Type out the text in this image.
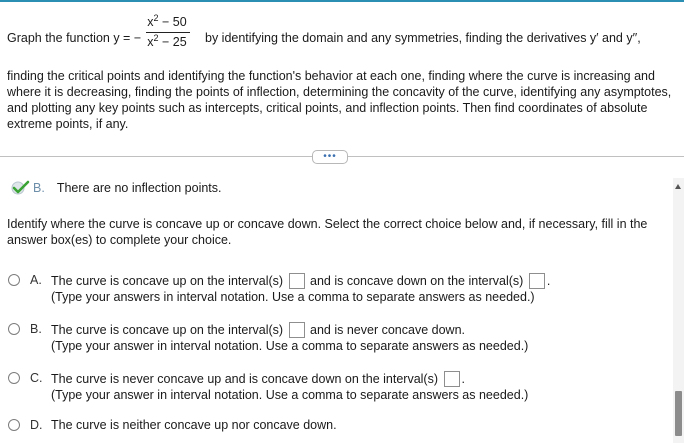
Graph the function y = −
$x^2 - 50$
$x^2 - 25$	by identifying the domain and any symmetries, finding the derivatives y′ and y′′,
finding the critical points and identifying the function's behavior at each one, finding where the curve is increasing and where it is decreasing, finding the points of inflection, determining the concavity of the curve, identifying any asymptotes, and plotting any key points such as intercepts, critical points, and inflection points. Then find coordinates of absolute extreme points, if any.
•••
B. There are no inflection points.
Identify where the curve is concave up or concave down. Select the correct choice below and, if necessary, fill in the answer box(es) to complete your choice.
A. The curve is concave up on the interval(s) and is concave down on the interval(s) .
(Type your answers in interval notation. Use a comma to separate answers as needed.)
B. The curve is concave up on the interval(s) and is never concave down.
(Type your answer in interval notation. Use a comma to separate answers as needed.)
C. The curve is never concave up and is concave down on the interval(s) .
(Type your answer in interval notation. Use a comma to separate answers as needed.)
D. The curve is neither concave up nor concave down.
